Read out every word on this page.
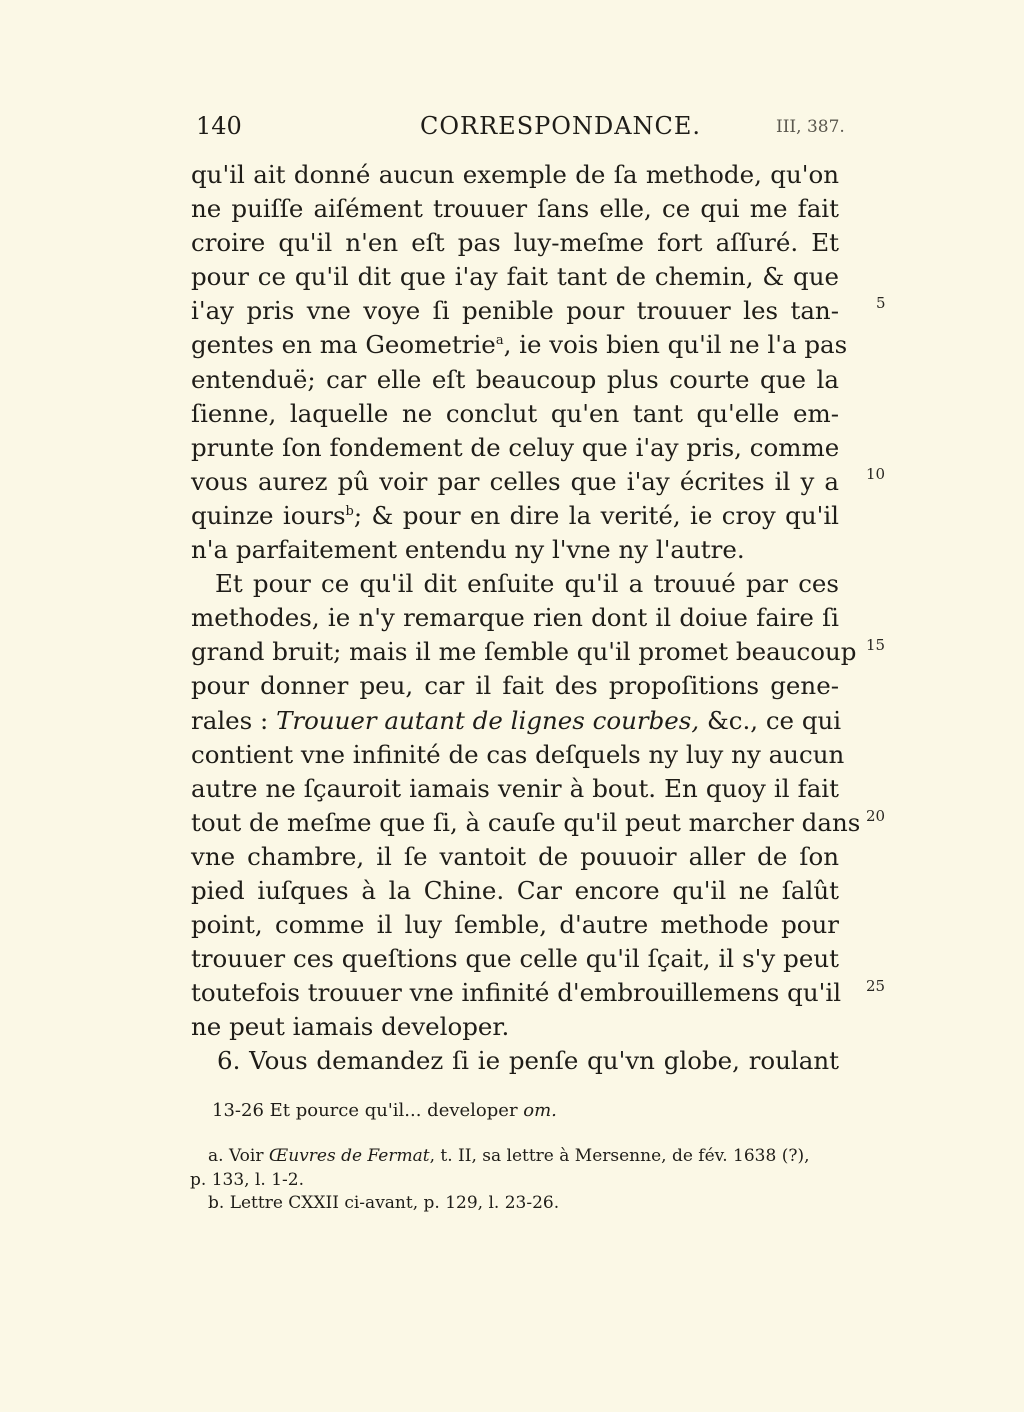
140	CORRESPONDANCE.	III, 387.
qu'il ait donné aucun exemple de ſa methode, qu'on
ne puiſſe aiſément trouuer ſans elle, ce qui me fait
croire qu'il n'en eſt pas luy-meſme fort aſſuré. Et
pour ce qu'il dit que i'ay fait tant de chemin, & que
i'ay pris vne voye ſi penible pour trouuer les tan-
gentes en ma Geometrie$^a$, ie vois bien qu'il ne l'a pas
entenduë; car elle eſt beaucoup plus courte que la
ſienne, laquelle ne conclut qu'en tant qu'elle em-
prunte ſon fondement de celuy que i'ay pris, comme
vous aurez pû voir par celles que i'ay écrites il y a
quinze iours$^b$; & pour en dire la verité, ie croy qu'il
n'a parfaitement entendu ny l'vne ny l'autre.
Et pour ce qu'il dit enſuite qu'il a trouué par ces
methodes, ie n'y remarque rien dont il doiue faire ſi
grand bruit; mais il me ſemble qu'il promet beaucoup
pour donner peu, car il fait des propoſitions gene-
rales : Trouuer autant de lignes courbes, &c., ce qui
contient vne infinité de cas deſquels ny luy ny aucun
autre ne ſçauroit iamais venir à bout. En quoy il fait
tout de meſme que ſi, à cauſe qu'il peut marcher dans
vne chambre, il ſe vantoit de pouuoir aller de ſon
pied iuſques à la Chine. Car encore qu'il ne ſalût
point, comme il luy ſemble, d'autre methode pour
trouuer ces queſtions que celle qu'il ſçait, il s'y peut
toutefois trouuer vne infinité d'embrouillemens qu'il
ne peut iamais developer.
6. Vous demandez ſi ie penſe qu'vn globe, roulant
5
10
15
20
25
13-26 Et pource qu'il... developer om.
a. Voir Œuvres de Fermat, t. II, sa lettre à Mersenne, de fév. 1638 (?),
p. 133, l. 1-2.
b. Lettre CXXII ci-avant, p. 129, l. 23-26.
